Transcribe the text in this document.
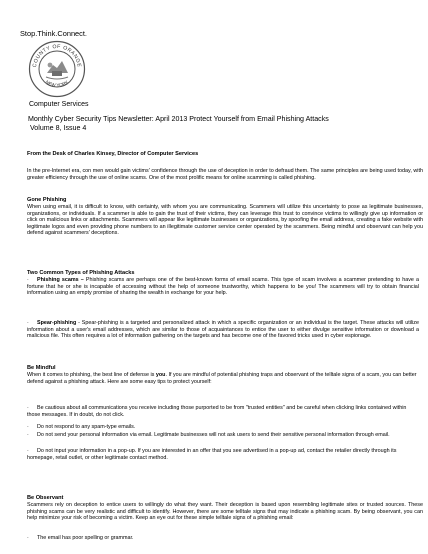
Stop.Think.Connect.
COUNTY OF ORANGE
NEW YORK
Computer Services
Monthly Cyber Security Tips Newsletter: April 2013 Protect Yourself from Email Phishing Attacks
Volume 8, Issue 4
From the Desk of Charles Kinsey, Director of Computer Services
In the pre-Internet era, con men would gain victims' confidence through the use of deception in order to defraud them. The same principles are being used today, with greater efficiency through the use of online scams. One of the most prolific means for online scamming is called phishing.
Gone Phishing
When using email, it is difficult to know, with certainty, with whom you are communicating. Scammers will utilize this uncertainty to pose as legitimate businesses, organizations, or individuals. If a scammer is able to gain the trust of their victims, they can leverage this trust to convince victims to willingly give up information or click on malicious links or attachments. Scammers will appear like legitimate businesses or organizations, by spoofing the email address, creating a fake website with legitimate logos and even providing phone numbers to an illegitimate customer service center operated by the scammers. Being mindful and observant can help you defend against scammers' deceptions.
Two Common Types of Phishing Attacks
· Phishing scams – Phishing scams are perhaps one of the best-known forms of email scams. This type of scam involves a scammer pretending to have a fortune that he or she is incapable of accessing without the help of someone trustworthy, which happens to be you! The scammers will try to obtain financial information using an empty promise of sharing the wealth in exchange for your help.
· Spear-phishing - Spear-phishing is a targeted and personalized attack in which a specific organization or an individual is the target. These attacks will utilize information about a user's email addresses, which are similar to those of acquaintances to entice the user to either divulge sensitive information or download a malicious file. This often requires a lot of information gathering on the targets and has become one of the favored tricks used in cyber espionage.
Be Mindful
When it comes to phishing, the best line of defense is you. If you are mindful of potential phishing traps and observant of the telltale signs of a scam, you can better defend against a phishing attack. Here are some easy tips to protect yourself:
· Be cautious about all communications you receive including those purported to be from "trusted entities" and be careful when clicking links contained within those messages. If in doubt, do not click.
· Do not respond to any spam-type emails.
· Do not send your personal information via email. Legitimate businesses will not ask users to send their sensitive personal information through email.
· Do not input your information in a pop-up. If you are interested in an offer that you see advertised in a pop-up ad, contact the retailer directly through its homepage, retail outlet, or other legitimate contact method.
Be Observant
Scammers rely on deception to entice users to willingly do what they want. Their deception is based upon resembling legitimate sites or trusted sources. These phishing scams can be very realistic and difficult to identify. However, there are some telltale signs that may indicate a phishing scam. By being observant, you can help minimize your risk of becoming a victim. Keep an eye out for these simple telltale signs of a phishing email:
· The email has poor spelling or grammar.
